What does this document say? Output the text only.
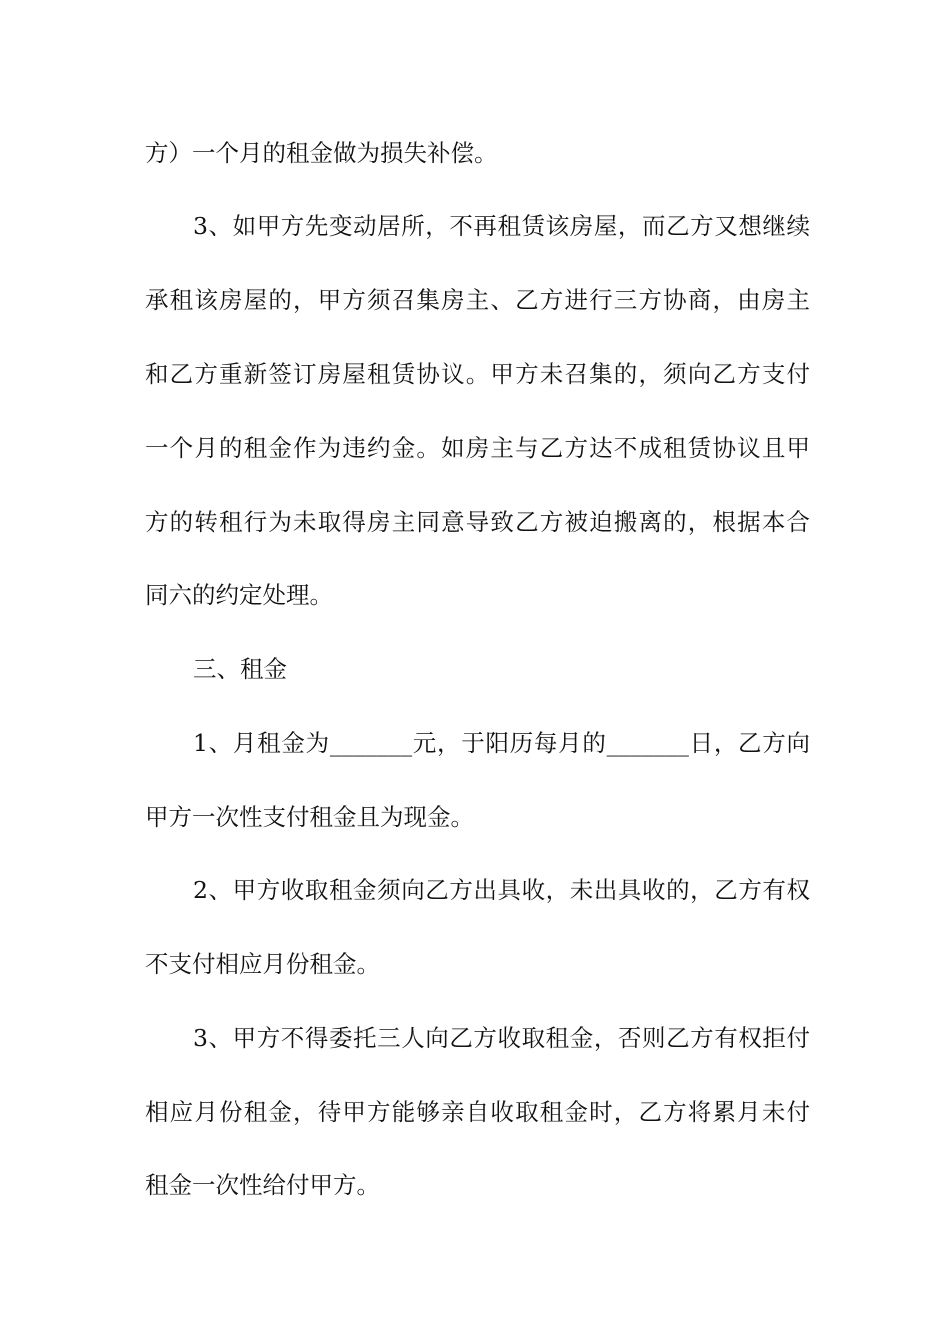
方）一个月的租金做为损失补偿。
3、如甲方先变动居所，不再租赁该房屋，而乙方又想继续
承租该房屋的，甲方须召集房主、乙方进行三方协商，由房主
和乙方重新签订房屋租赁协议。甲方未召集的，须向乙方支付
一个月的租金作为违约金。如房主与乙方达不成租赁协议且甲
方的转租行为未取得房主同意导致乙方被迫搬离的，根据本合
同六的约定处理。
三、租金
1、月租金为_______元，于阳历每月的_______日，乙方向
甲方一次性支付租金且为现金。
2、甲方收取租金须向乙方出具收，未出具收的，乙方有权
不支付相应月份租金。
3、甲方不得委托三人向乙方收取租金，否则乙方有权拒付
相应月份租金，待甲方能够亲自收取租金时，乙方将累月未付
租金一次性给付甲方。
